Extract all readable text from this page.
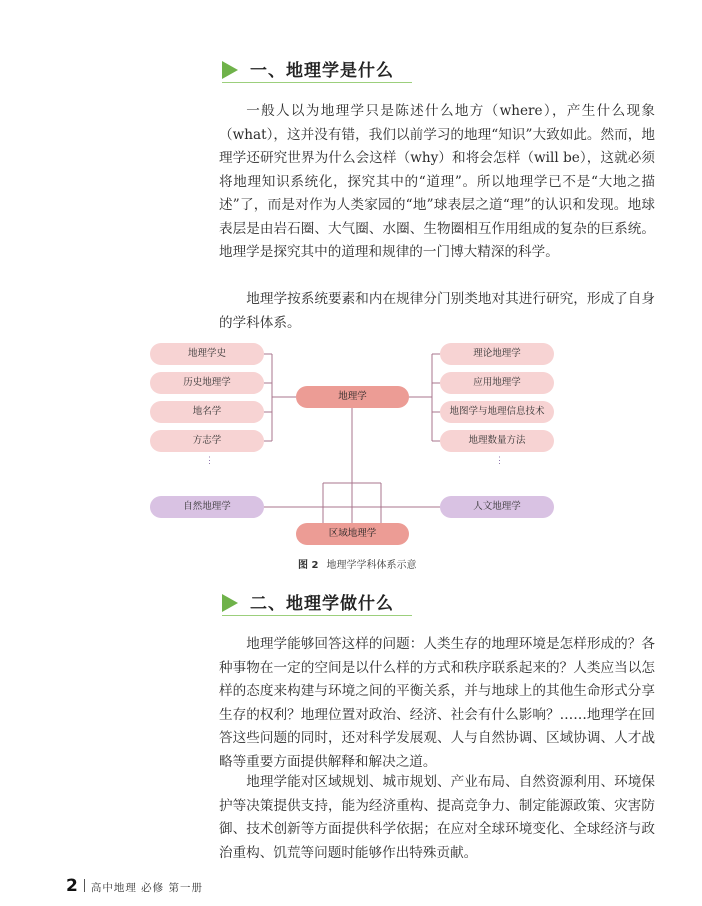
一、地理学是什么

一般人以为地理学只是陈述什么地方（where），产生什么现象（what），这并没有错，我们以前学习的地理“知识”大致如此。然而，地理学还研究世界为什么会这样（why）和将会怎样（will be），这就必须将地理知识系统化，探究其中的“道理”。所以地理学已不是“大地之描述”了，而是对作为人类家园的“地”球表层之道“理”的认识和发现。地球表层是由岩石圈、大气圈、水圈、生物圈相互作用组成的复杂的巨系统。地理学是探究其中的道理和规律的一门博大精深的科学。

地理学按系统要素和内在规律分门别类地对其进行研究，形成了自身的学科体系。

地理学史
历史地理学
地名学
方志学
⋮
地理学
理论地理学
应用地理学
地图学与地理信息技术
地理数量方法
⋮
自然地理学	人文地理学
区域地理学
图 2 地理学学科体系示意
二、地理学做什么

地理学能够回答这样的问题：人类生存的地理环境是怎样形成的？各种事物在一定的空间是以什么样的方式和秩序联系起来的？人类应当以怎样的态度来构建与环境之间的平衡关系，并与地球上的其他生命形式分享生存的权利？地理位置对政治、经济、社会有什么影响？……地理学在回答这些问题的同时，还对科学发展观、人与自然协调、区域协调、人才战略等重要方面提供解释和解决之道。

地理学能对区域规划、城市规划、产业布局、自然资源利用、环境保护等决策提供支持，能为经济重构、提高竞争力、制定能源政策、灾害防御、技术创新等方面提供科学依据；在应对全球环境变化、全球经济与政治重构、饥荒等问题时能够作出特殊贡献。

2 高中地理 必修 第一册
